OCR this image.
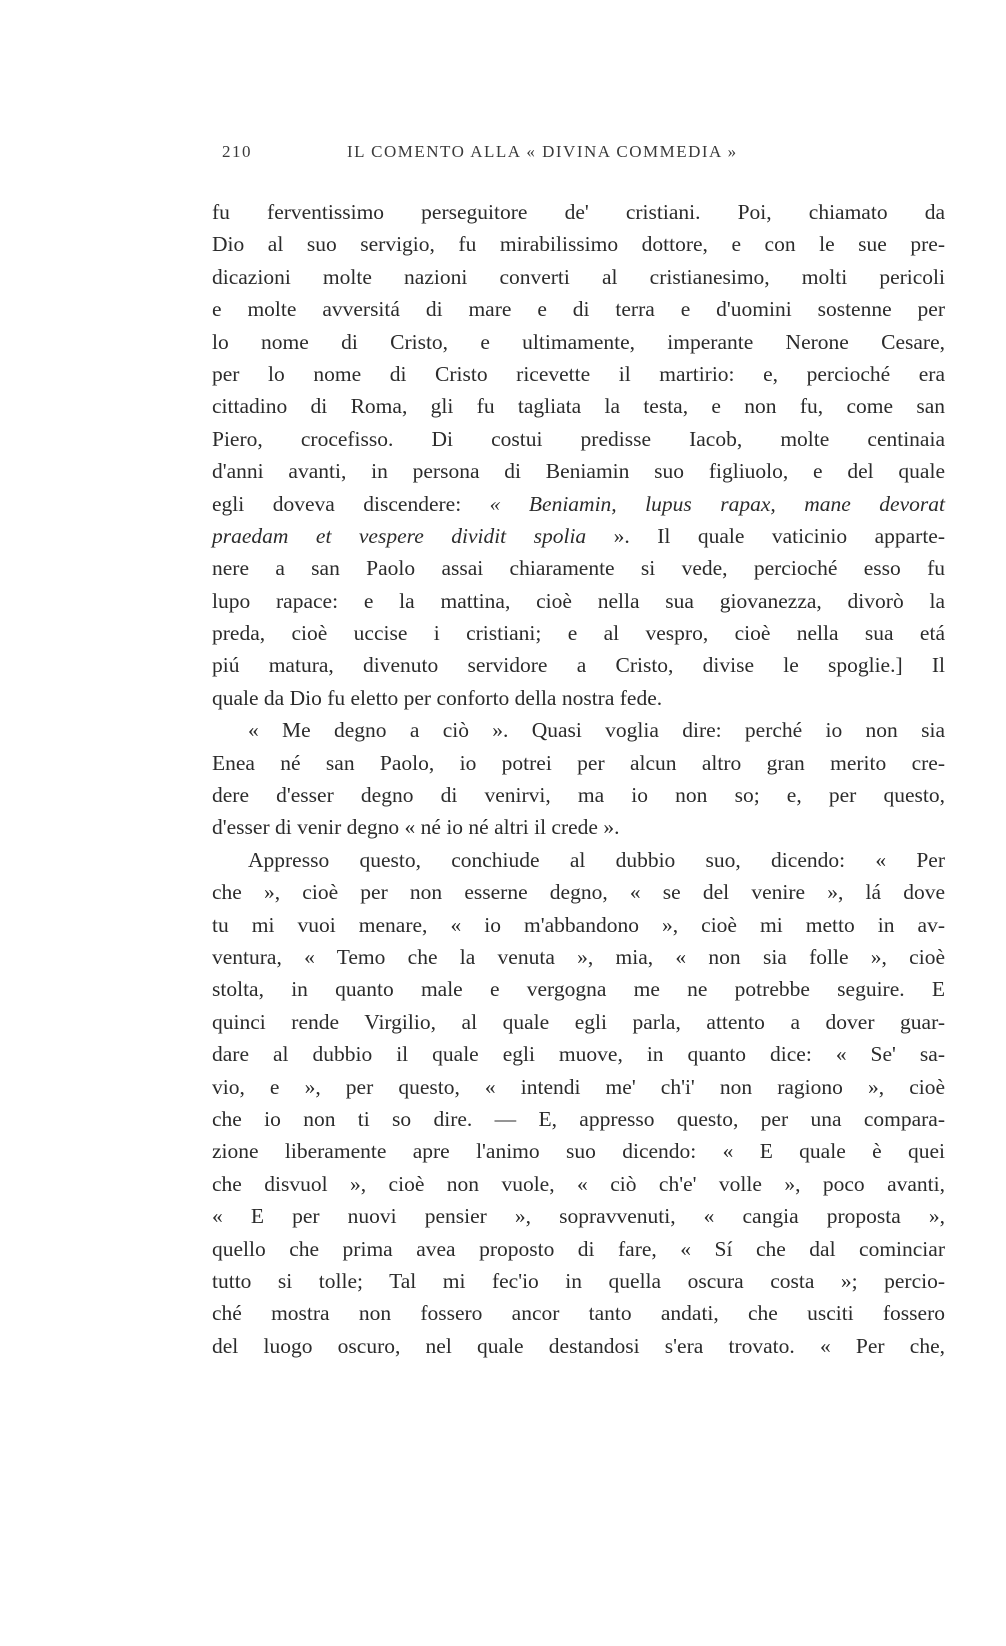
210	IL COMENTO ALLA « DIVINA COMMEDIA »
fu ferventissimo perseguitore de' cristiani. Poi, chiamato da
Dio al suo servigio, fu mirabilissimo dottore, e con le sue pre-
dicazioni molte nazioni converti al cristianesimo, molti pericoli
e molte avversitá di mare e di terra e d'uomini sostenne per
lo nome di Cristo, e ultimamente, imperante Nerone Cesare,
per lo nome di Cristo ricevette il martirio: e, percioché era
cittadino di Roma, gli fu tagliata la testa, e non fu, come san
Piero, crocefisso. Di costui predisse Iacob, molte centinaia
d'anni avanti, in persona di Beniamin suo figliuolo, e del quale
egli doveva discendere: « Beniamin, lupus rapax, mane devorat
praedam et vespere dividit spolia ». Il quale vaticinio apparte-
nere a san Paolo assai chiaramente si vede, percioché esso fu
lupo rapace: e la mattina, cioè nella sua giovanezza, divorò la
preda, cioè uccise i cristiani; e al vespro, cioè nella sua etá
piú matura, divenuto servidore a Cristo, divise le spoglie.] Il
quale da Dio fu eletto per conforto della nostra fede.
« Me degno a ciò ». Quasi voglia dire: perché io non sia
Enea né san Paolo, io potrei per alcun altro gran merito cre-
dere d'esser degno di venirvi, ma io non so; e, per questo,
d'esser di venir degno « né io né altri il crede ».
Appresso questo, conchiude al dubbio suo, dicendo: « Per
che », cioè per non esserne degno, « se del venire », lá dove
tu mi vuoi menare, « io m'abbandono », cioè mi metto in av-
ventura, « Temo che la venuta », mia, « non sia folle », cioè
stolta, in quanto male e vergogna me ne potrebbe seguire. E
quinci rende Virgilio, al quale egli parla, attento a dover guar-
dare al dubbio il quale egli muove, in quanto dice: « Se' sa-
vio, e », per questo, « intendi me' ch'i' non ragiono », cioè
che io non ti so dire. — E, appresso questo, per una compara-
zione liberamente apre l'animo suo dicendo: « E quale è quei
che disvuol », cioè non vuole, « ciò ch'e' volle », poco avanti,
« E per nuovi pensier », sopravvenuti, « cangia proposta »,
quello che prima avea proposto di fare, « Sí che dal cominciar
tutto si tolle; Tal mi fec'io in quella oscura costa »; percio-
ché mostra non fossero ancor tanto andati, che usciti fossero
del luogo oscuro, nel quale destandosi s'era trovato. « Per che,
